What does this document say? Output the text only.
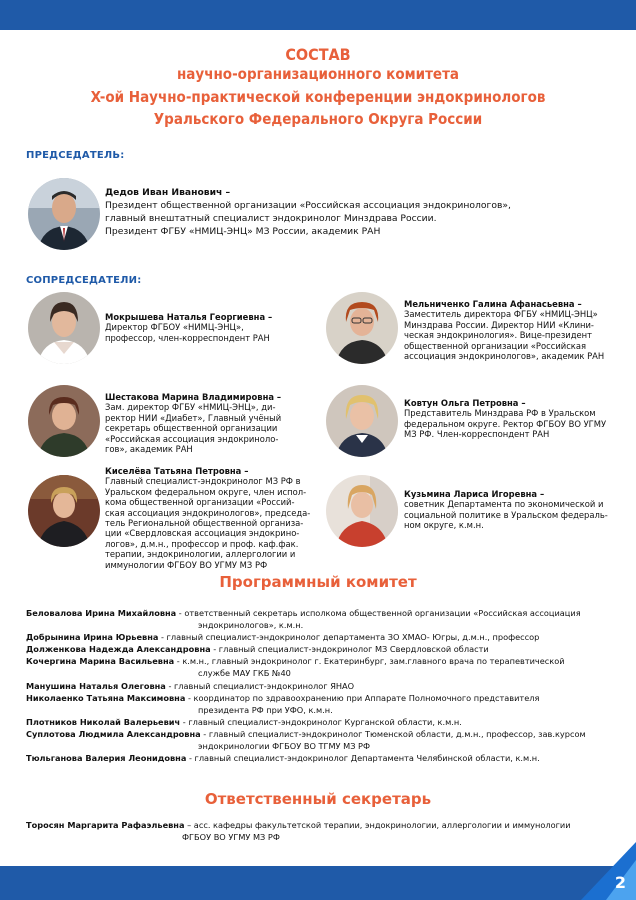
СОСТАВ
научно-организационного комитета
X-ой Научно-практической конференции эндокринологов
Уральского Федерального Округа России
ПРЕДСЕДАТЕЛЬ:
Дедов Иван Иванович –
Президент общественной организации «Российская ассоциация эндокринологов»,
главный внештатный специалист эндокринолог Минздрава России.
Президент ФГБУ «НМИЦ-ЭНЦ» МЗ России, академик РАН
СОПРЕДСЕДАТЕЛИ:
Мокрышева Наталья Георгиевна –
Директор ФГБОУ «НИМЦ-ЭНЦ»,
профессор, член-корреспондент РАН
Шестакова Марина Владимировна –
Зам. директор ФГБУ «НМИЦ-ЭНЦ», ди-
ректор НИИ «Диабет», Главный учёный
секретарь общественной организации
«Российская ассоциация эндокриноло-
гов», академик РАН
Киселёва Татьяна Петровна –
Главный специалист-эндокринолог МЗ РФ в
Уральском федеральном округе, член испол-
кома общественной организации «Россий-
ская ассоциация эндокринологов», председа-
тель Региональной общественной организа-
ции «Свердловская ассоциация эндокрино-
логов», д.м.н., профессор и проф. каф.фак.
терапии, эндокринологии, аллергологии и
иммунологии ФГБОУ ВО УГМУ МЗ РФ
Мельниченко Галина Афанасьевна –
Заместитель директора ФГБУ «НМИЦ-ЭНЦ»
Минздрава России. Директор НИИ «Клини-
ческая эндокринология». Вице-президент
общественной организации «Российская
ассоциация эндокринологов», академик РАН
Ковтун Ольга Петровна –
Представитель Минздрава РФ в Уральском
федеральном округе. Ректор ФГБОУ ВО УГМУ
МЗ РФ. Член-корреспондент РАН
Кузьмина Лариса Игоревна –
советник Департамента по экономической и
социальной политике в Уральском федераль-
ном округе, к.м.н.
Программный комитет
Беловалова Ирина Михайловна - ответственный секретарь исполкома общественной организации «Российская ассоциация
эндокринологов», к.м.н.
Добрынина Ирина Юрьевна - главный специалист-эндокринолог департамента ЗО ХМАО- Югры, д.м.н., профессор
Долженкова Надежда Александровна - главный специалист-эндокринолог МЗ Свердловской области
Кочергина Марина Васильевна - к.м.н., главный эндокринолог г. Екатеринбург, зам.главного врача по терапевтической
службе МАУ ГКБ №40
Манушина Наталья Олеговна - главный специалист-эндокринолог ЯНАО
Николаенко Татьяна Максимовна - координатор по здравоохранению при Аппарате Полномочного представителя
президента РФ при УФО, к.м.н.
Плотников Николай Валерьевич - главный специалист-эндокринолог Курганской области, к.м.н.
Суплотова Людмила Александровна - главный специалист-эндокринолог Тюменской области, д.м.н., профессор, зав.курсом
эндокринологии ФГБОУ ВО ТГМУ МЗ РФ
Тюльганова Валерия Леонидовна - главный специалист-эндокринолог Департамента Челябинской области, к.м.н.
Ответственный секретарь
Торосян Маргарита Рафаэльевна – асс. кафедры факультетской терапии, эндокринологии, аллергологии и иммунологии
ФГБОУ ВО УГМУ МЗ РФ
2
